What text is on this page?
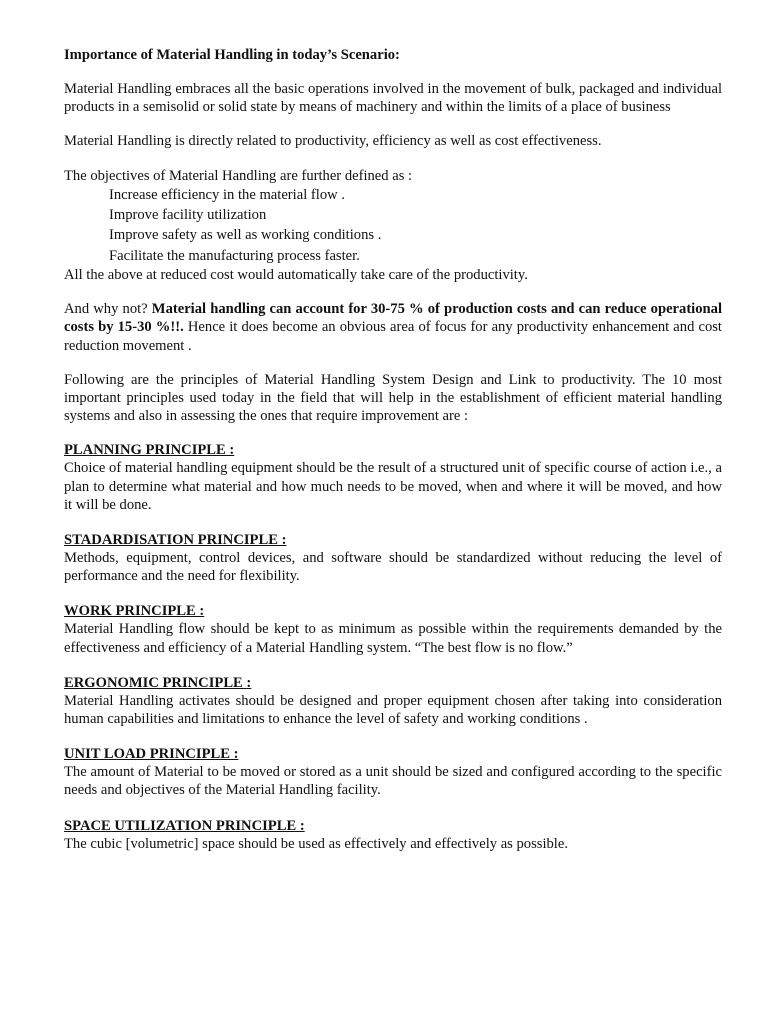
Importance of Material Handling in today’s Scenario:

Material Handling embraces all the basic operations involved in the movement of bulk, packaged and individual products in a semisolid or solid state by means of machinery and within the limits of a place of business

Material Handling is directly related to productivity, efficiency as well as cost effectiveness.

The objectives of Material Handling are further defined as :

Increase efficiency in the material flow .
Improve facility utilization
Improve safety as well as working conditions .
Facilitate the manufacturing process faster.

All the above at reduced cost would automatically take care of the productivity.

And why not? Material handling can account for 30-75 % of production costs and can reduce operational costs by 15-30 %!!. Hence it does become an obvious area of focus for any productivity enhancement and cost reduction movement .

Following are the principles of Material Handling System Design and Link to productivity. The 10 most important principles used today in the field that will help in the establishment of efficient material handling systems and also in assessing the ones that require improvement are :

PLANNING PRINCIPLE :

Choice of material handling equipment should be the result of a structured unit of specific course of action i.e., a plan to determine what material and how much needs to be moved, when and where it will be moved, and how it will be done.

STADARDISATION PRINCIPLE :

Methods, equipment, control devices, and software should be standardized without reducing the level of performance and the need for flexibility.

WORK PRINCIPLE :

Material Handling flow should be kept to as minimum as possible within the requirements demanded by the effectiveness and efficiency of a Material Handling system. “The best flow is no flow.”

ERGONOMIC PRINCIPLE :

Material Handling activates should be designed and proper equipment chosen after taking into consideration human capabilities and limitations to enhance the level of safety and working conditions .

UNIT LOAD PRINCIPLE :

The amount of Material to be moved or stored as a unit should be sized and configured according to the specific needs and objectives of the Material Handling facility.

SPACE UTILIZATION PRINCIPLE :

The cubic [volumetric] space should be used as effectively and effectively as possible.
